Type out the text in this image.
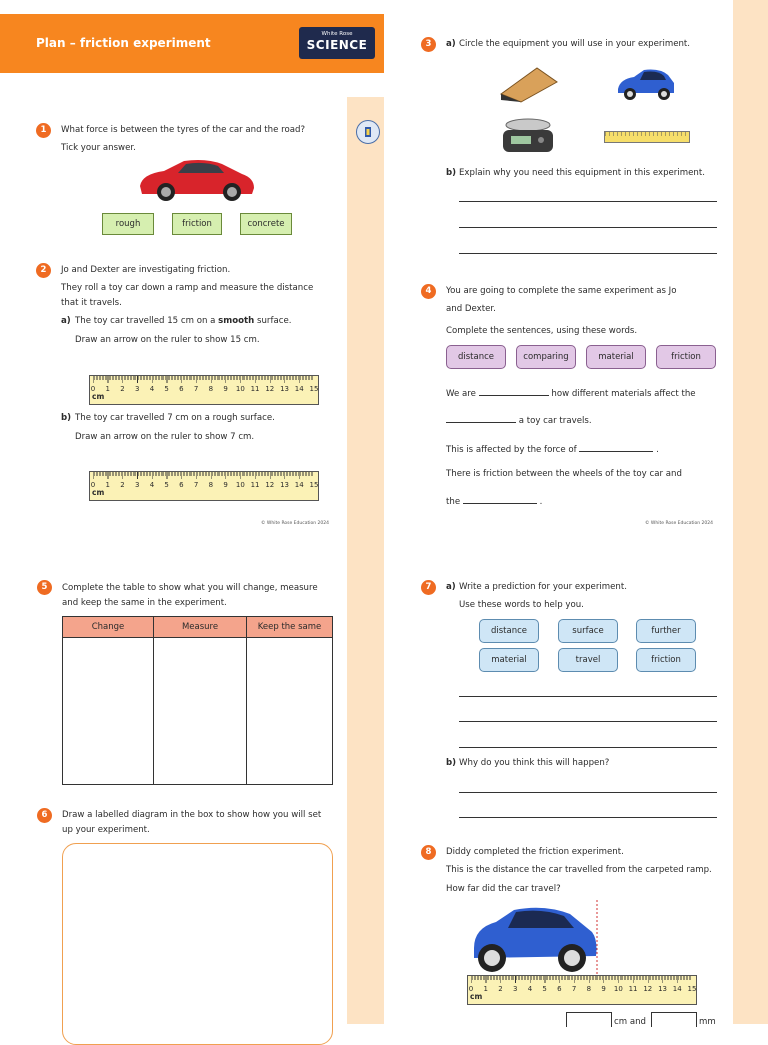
Plan – friction experiment
White Rose
SCIENCE
1	What force is between the tyres of the car and the road?
Tick your answer.
rough	friction	concrete
2	Jo and Dexter are investigating friction.
They roll a toy car down a ramp and measure the distance
that it travels.
a) The toy car travelled 15 cm on a smooth surface.
Draw an arrow on the ruler to show 15 cm.
0 1 2 3 4 5 6 7 8 9 10 11 12 13 14 15
cm
b) The toy car travelled 7 cm on a rough surface.
Draw an arrow on the ruler to show 7 cm.
0 1 2 3 4 5 6 7 8 9 10 11 12 13 14 15
cm
© White Rose Education 2024
3	a) Circle the equipment you will use in your experiment.
b) Explain why you need this equipment in this experiment.
4	You are going to complete the same experiment as Jo
and Dexter.
Complete the sentences, using these words.
distance	comparing	material	friction
We are	how different materials affect the
a toy car travels.
This is affected by the force of	.
There is friction between the wheels of the toy car and
the	.
© White Rose Education 2024
5	Complete the table to show what you will change, measure
and keep the same in the experiment.
Change	Measure	Keep the same

6	Draw a labelled diagram in the box to show how you will set
up your experiment.
7	a) Write a prediction for your experiment.
Use these words to help you.
distance	surface	further
material	travel	friction
b) Why do you think this will happen?
8	Diddy completed the friction experiment.
This is the distance the car travelled from the carpeted ramp.
How far did the car travel?
0 1 2 3 4 5 6 7 8 9 10 11 12 13 14 15
cm
cm and	mm
